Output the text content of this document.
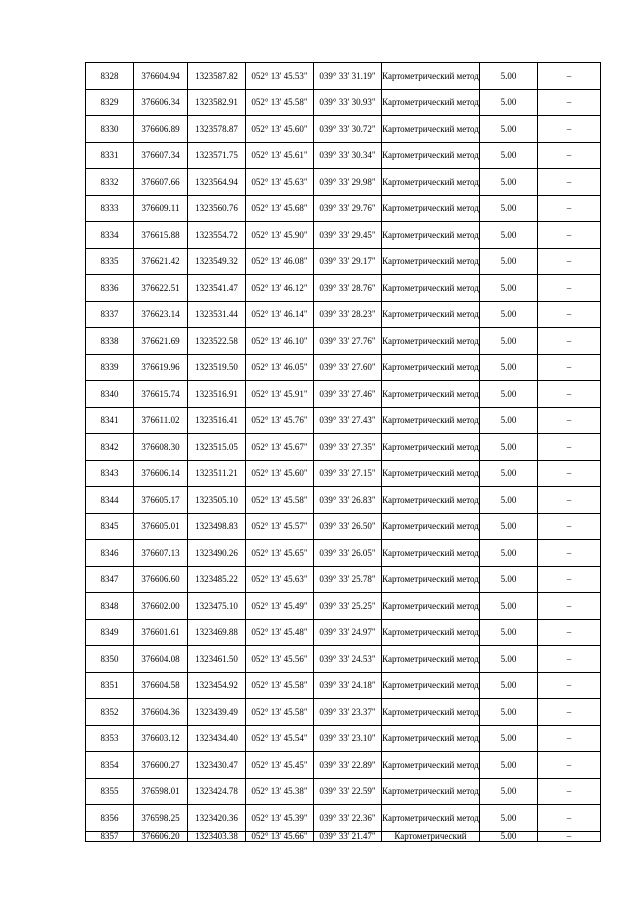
8328	376604.94	1323587.82	052° 13' 45.53"	039° 33' 31.19"	Картометрический метод	5.00	–
8329	376606.34	1323582.91	052° 13' 45.58"	039° 33' 30.93"	Картометрический метод	5.00	–
8330	376606.89	1323578.87	052° 13' 45.60"	039° 33' 30.72"	Картометрический метод	5.00	–
8331	376607.34	1323571.75	052° 13' 45.61"	039° 33' 30.34"	Картометрический метод	5.00	–
8332	376607.66	1323564.94	052° 13' 45.63"	039° 33' 29.98"	Картометрический метод	5.00	–
8333	376609.11	1323560.76	052° 13' 45.68"	039° 33' 29.76"	Картометрический метод	5.00	–
8334	376615.88	1323554.72	052° 13' 45.90"	039° 33' 29.45"	Картометрический метод	5.00	–
8335	376621.42	1323549.32	052° 13' 46.08"	039° 33' 29.17"	Картометрический метод	5.00	–
8336	376622.51	1323541.47	052° 13' 46.12"	039° 33' 28.76"	Картометрический метод	5.00	–
8337	376623.14	1323531.44	052° 13' 46.14"	039° 33' 28.23"	Картометрический метод	5.00	–
8338	376621.69	1323522.58	052° 13' 46.10"	039° 33' 27.76"	Картометрический метод	5.00	–
8339	376619.96	1323519.50	052° 13' 46.05"	039° 33' 27.60"	Картометрический метод	5.00	–
8340	376615.74	1323516.91	052° 13' 45.91"	039° 33' 27.46"	Картометрический метод	5.00	–
8341	376611.02	1323516.41	052° 13' 45.76"	039° 33' 27.43"	Картометрический метод	5.00	–
8342	376608.30	1323515.05	052° 13' 45.67"	039° 33' 27.35"	Картометрический метод	5.00	–
8343	376606.14	1323511.21	052° 13' 45.60"	039° 33' 27.15"	Картометрический метод	5.00	–
8344	376605.17	1323505.10	052° 13' 45.58"	039° 33' 26.83"	Картометрический метод	5.00	–
8345	376605.01	1323498.83	052° 13' 45.57"	039° 33' 26.50"	Картометрический метод	5.00	–
8346	376607.13	1323490.26	052° 13' 45.65"	039° 33' 26.05"	Картометрический метод	5.00	–
8347	376606.60	1323485.22	052° 13' 45.63"	039° 33' 25.78"	Картометрический метод	5.00	–
8348	376602.00	1323475.10	052° 13' 45.49"	039° 33' 25.25"	Картометрический метод	5.00	–
8349	376601.61	1323469.88	052° 13' 45.48"	039° 33' 24.97"	Картометрический метод	5.00	–
8350	376604.08	1323461.50	052° 13' 45.56"	039° 33' 24.53"	Картометрический метод	5.00	–
8351	376604.58	1323454.92	052° 13' 45.58"	039° 33' 24.18"	Картометрический метод	5.00	–
8352	376604.36	1323439.49	052° 13' 45.58"	039° 33' 23.37"	Картометрический метод	5.00	–
8353	376603.12	1323434.40	052° 13' 45.54"	039° 33' 23.10"	Картометрический метод	5.00	–
8354	376600.27	1323430.47	052° 13' 45.45"	039° 33' 22.89"	Картометрический метод	5.00	–
8355	376598.01	1323424.78	052° 13' 45.38"	039° 33' 22.59"	Картометрический метод	5.00	–
8356	376598.25	1323420.36	052° 13' 45.39"	039° 33' 22.36"	Картометрический метод	5.00	–
8357	376606.20	1323403.38	052° 13' 45.66"	039° 33' 21.47"	Картометрический	5.00	–
